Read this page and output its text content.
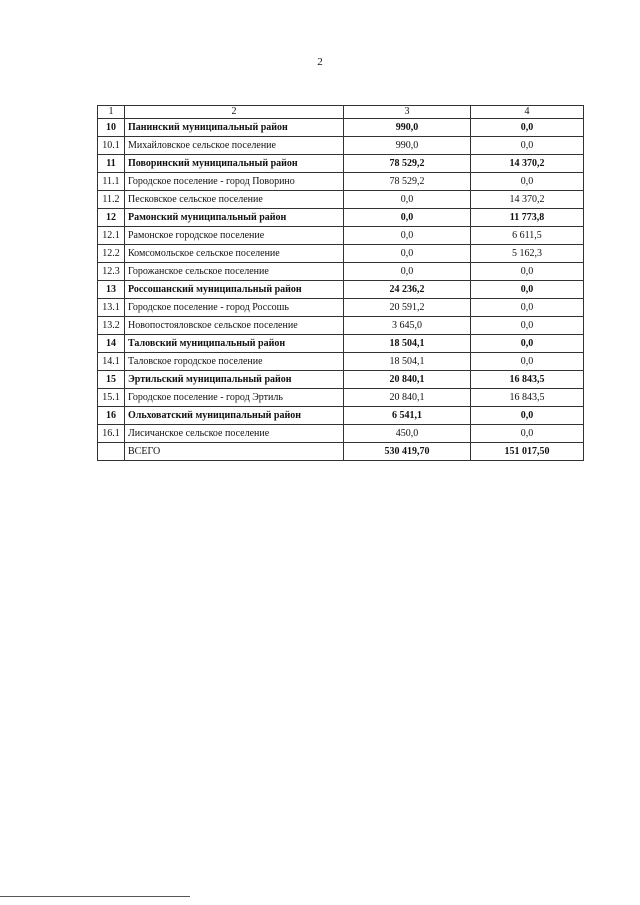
2
1	2	3	4
10	Панинский муниципальный район	990,0	0,0
10.1	Михайловское сельское поселение	990,0	0,0
11	Поворинский муниципальный район	78 529,2	14 370,2
11.1	Городское поселение - город Поворино	78 529,2	0,0
11.2	Песковское сельское поселение	0,0	14 370,2
12	Рамонский муниципальный район	0,0	11 773,8
12.1	Рамонское городское поселение	0,0	6 611,5
12.2	Комсомольское сельское поселение	0,0	5 162,3
12.3	Горожанское сельское поселение	0,0	0,0
13	Россошанский муниципальный район	24 236,2	0,0
13.1	Городское поселение - город Россошь	20 591,2	0,0
13.2	Новопостояловское сельское поселение	3 645,0	0,0
14	Таловский муниципальный район	18 504,1	0,0
14.1	Таловское городское поселение	18 504,1	0,0
15	Эртильский муниципальный район	20 840,1	16 843,5
15.1	Городское поселение - город Эртиль	20 840,1	16 843,5
16	Ольховатский муниципальный район	6 541,1	0,0
16.1	Лисичанское сельское поселение	450,0	0,0
	ВСЕГО	530 419,70	151 017,50
